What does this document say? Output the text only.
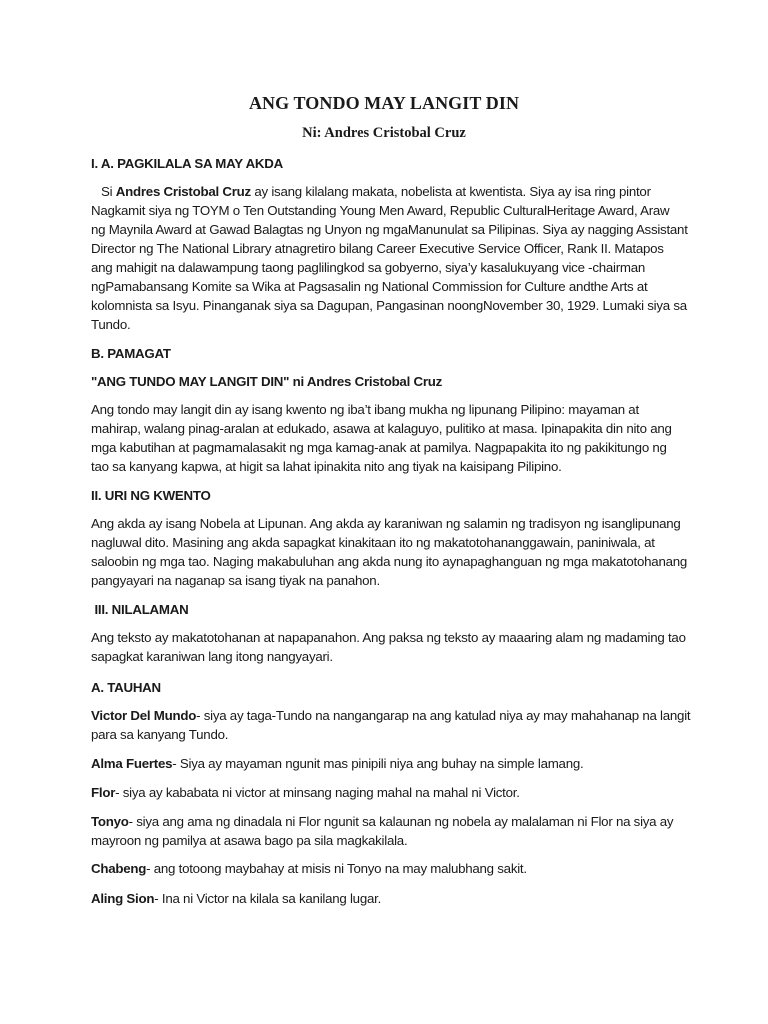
ANG TONDO MAY LANGIT DIN
Ni: Andres Cristobal Cruz
I. A. PAGKILALA SA MAY AKDA
Si Andres Cristobal Cruz ay isang kilalang makata, nobelista at kwentista. Siya ay isa ring pintor
Nagkamit siya ng TOYM o Ten Outstanding Young Men Award, Republic CulturalHeritage Award, Araw
ng Maynila Award at Gawad Balagtas ng Unyon ng mgaManunulat sa Pilipinas. Siya ay nagging Assistant
Director ng The National Library atnagretiro bilang Career Executive Service Officer, Rank II. Matapos
ang mahigit na dalawampung taong paglilingkod sa gobyerno, siya’y kasalukuyang vice -chairman
ngPamabansang Komite sa Wika at Pagsasalin ng National Commission for Culture andthe Arts at
kolomnista sa Isyu. Pinanganak siya sa Dagupan, Pangasinan noongNovember 30, 1929. Lumaki siya sa
Tundo.
B. PAMAGAT
"ANG TUNDO MAY LANGIT DIN" ni Andres Cristobal Cruz
Ang tondo may langit din ay isang kwento ng iba’t ibang mukha ng lipunang Pilipino: mayaman at
mahirap, walang pinag-aralan at edukado, asawa at kalaguyo, pulitiko at masa. Ipinapakita din nito ang
mga kabutihan at pagmamalasakit ng mga kamag-anak at pamilya. Nagpapakita ito ng pakikitungo ng
tao sa kanyang kapwa, at higit sa lahat ipinakita nito ang tiyak na kaisipang Pilipino.
II. URI NG KWENTO
Ang akda ay isang Nobela at Lipunan. Ang akda ay karaniwan ng salamin ng tradisyon ng isanglipunang
nagluwal dito. Masining ang akda sapagkat kinakitaan ito ng makatotohananggawain, paniniwala, at
saloobin ng mga tao. Naging makabuluhan ang akda nung ito aynapaghanguan ng mga makatotohanang
pangyayari na naganap sa isang tiyak na panahon.
III. NILALAMAN
Ang teksto ay makatotohanan at napapanahon. Ang paksa ng teksto ay maaaring alam ng madaming tao
sapagkat karaniwan lang itong nangyayari.
A. TAUHAN
Victor Del Mundo- siya ay taga-Tundo na nangangarap na ang katulad niya ay may mahahanap na langit
para sa kanyang Tundo.
Alma Fuertes- Siya ay mayaman ngunit mas pinipili niya ang buhay na simple lamang.
Flor- siya ay kababata ni victor at minsang naging mahal na mahal ni Victor.
Tonyo- siya ang ama ng dinadala ni Flor ngunit sa kalaunan ng nobela ay malalaman ni Flor na siya ay
mayroon ng pamilya at asawa bago pa sila magkakilala.
Chabeng- ang totoong maybahay at misis ni Tonyo na may malubhang sakit.
Aling Sion- Ina ni Victor na kilala sa kanilang lugar.
